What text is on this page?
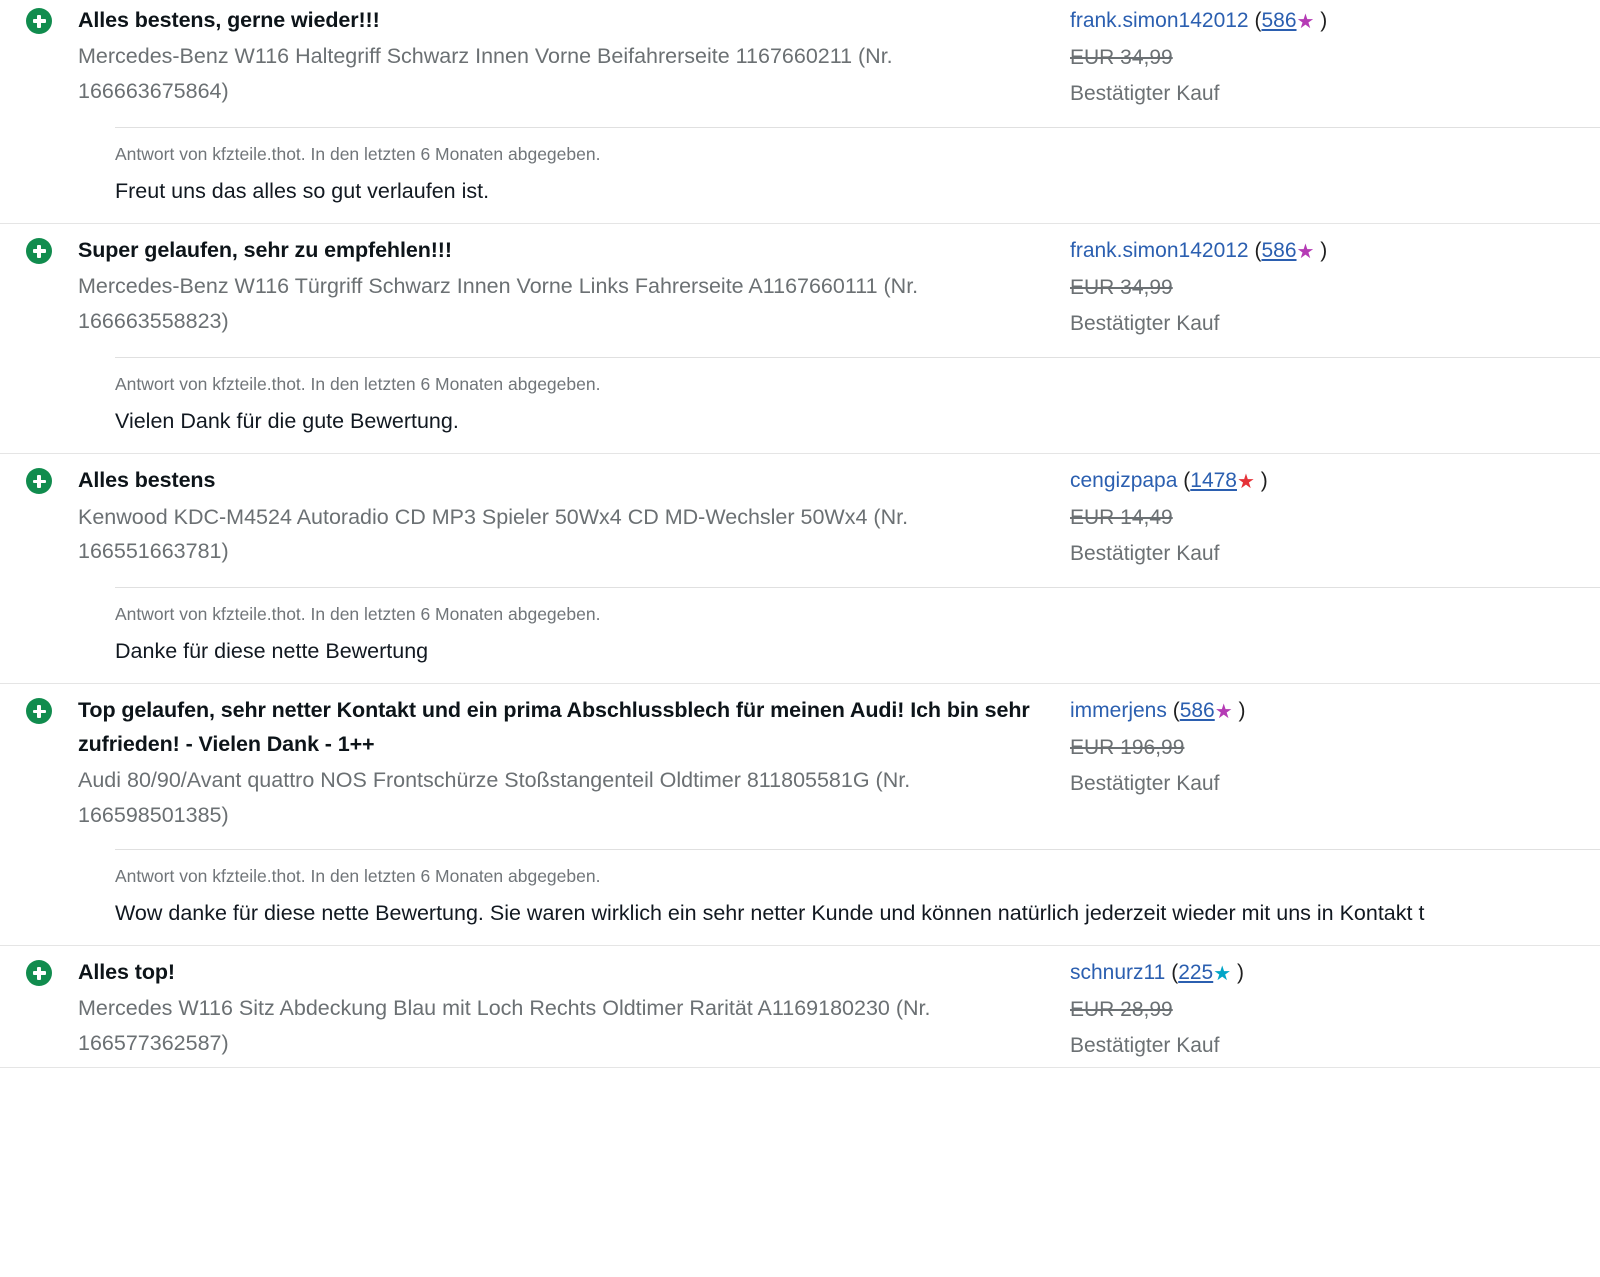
Alles bestens, gerne wieder!!!
Mercedes-Benz W116 Haltegriff Schwarz Innen Vorne Beifahrerseite 1167660211 (Nr. 166663675864)
frank.simon142012 (586★ )
EUR 34,99
Bestätigter Kauf
Antwort von kfzteile.thot. In den letzten 6 Monaten abgegeben.
Freut uns das alles so gut verlaufen ist.
Super gelaufen, sehr zu empfehlen!!!
Mercedes-Benz W116 Türgriff Schwarz Innen Vorne Links Fahrerseite A1167660111 (Nr. 166663558823)
frank.simon142012 (586★ )
EUR 34,99
Bestätigter Kauf
Antwort von kfzteile.thot. In den letzten 6 Monaten abgegeben.
Vielen Dank für die gute Bewertung.
Alles bestens
Kenwood KDC-M4524 Autoradio CD MP3 Spieler 50Wx4 CD MD-Wechsler 50Wx4 (Nr. 166551663781)
cengizpapa (1478★ )
EUR 14,49
Bestätigter Kauf
Antwort von kfzteile.thot. In den letzten 6 Monaten abgegeben.
Danke für diese nette Bewertung
Top gelaufen, sehr netter Kontakt und ein prima Abschlussblech für meinen Audi! Ich bin sehr zufrieden! - Vielen Dank - 1++
Audi 80/90/Avant quattro NOS Frontschürze Stoßstangenteil Oldtimer 811805581G (Nr. 166598501385)
immerjens (586★ )
EUR 196,99
Bestätigter Kauf
Antwort von kfzteile.thot. In den letzten 6 Monaten abgegeben.
Wow danke für diese nette Bewertung. Sie waren wirklich ein sehr netter Kunde und können natürlich jederzeit wieder mit uns in Kontakt t
Alles top!
Mercedes W116 Sitz Abdeckung Blau mit Loch Rechts Oldtimer Rarität A1169180230 (Nr. 166577362587)
schnurz11 (225★ )
EUR 28,99
Bestätigter Kauf
